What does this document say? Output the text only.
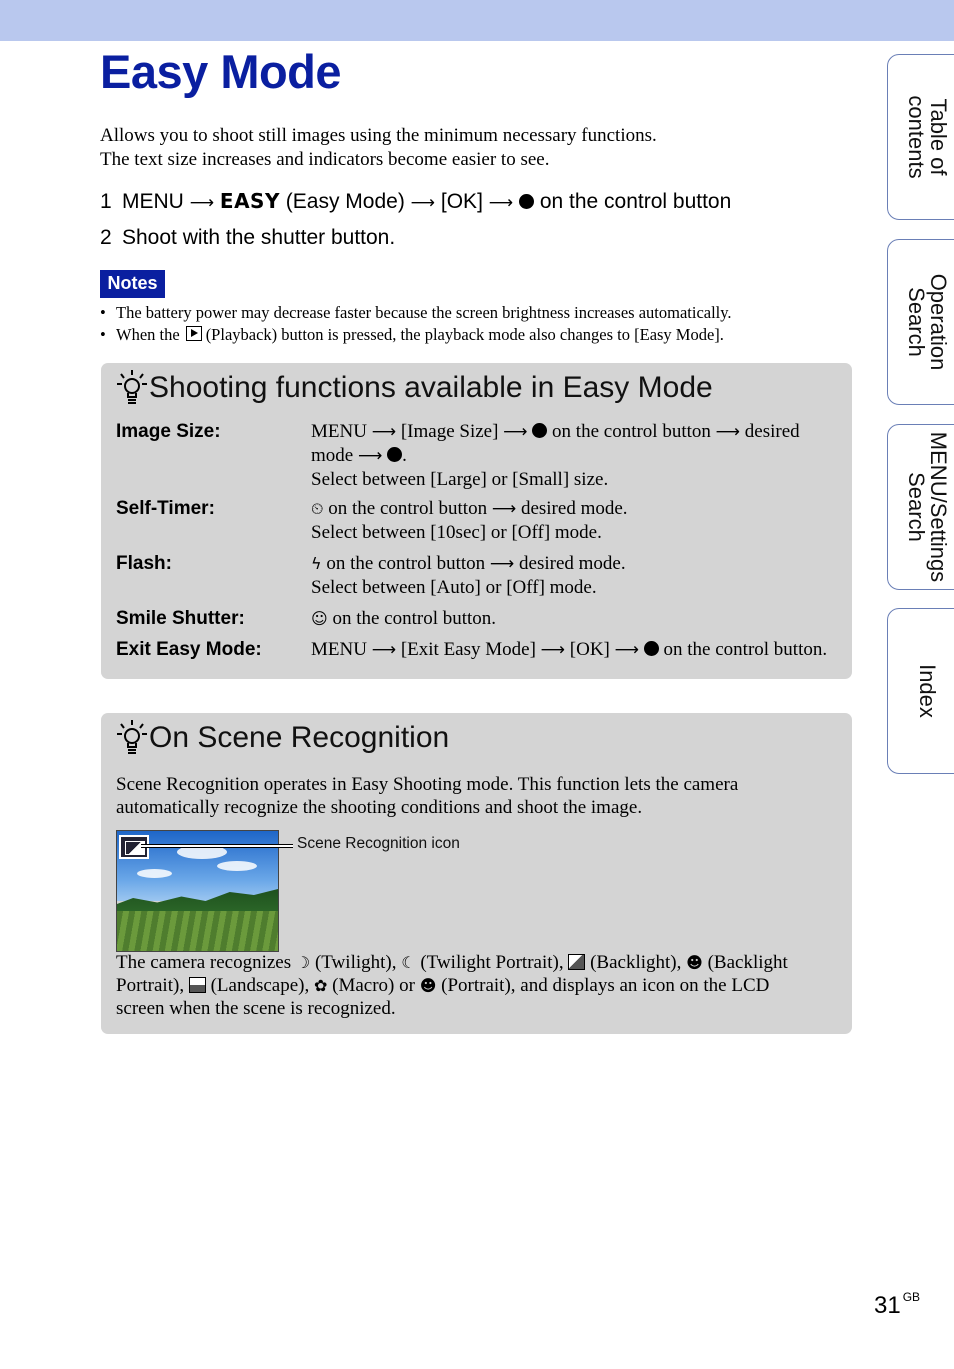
Easy Mode
Allows you to shoot still images using the minimum necessary functions.
The text size increases and indicators become easier to see.
1 MENU ⟶ EASY (Easy Mode) ⟶ [OK] ⟶ on the control button
2 Shoot with the shutter button.
Notes
• The battery power may decrease faster because the screen brightness increases automatically.
• When the (Playback) button is pressed, the playback mode also changes to [Easy Mode].
Shooting functions available in Easy Mode
Image Size:	MENU ⟶ [Image Size] ⟶ on the control button ⟶ desired
mode ⟶ .
Select between [Large] or [Small] size.
Self-Timer:	⏲ on the control button ⟶ desired mode.
Select between [10sec] or [Off] mode.
Flash:	ϟ on the control button ⟶ desired mode.
Select between [Auto] or [Off] mode.
Smile Shutter:	☺ on the control button.
Exit Easy Mode:	MENU ⟶ [Exit Easy Mode] ⟶ [OK] ⟶ on the control button.
On Scene Recognition
Scene Recognition operates in Easy Shooting mode. This function lets the camera
automatically recognize the shooting conditions and shoot the image.
Scene Recognition icon
The camera recognizes ☽ (Twilight), ☾ (Twilight Portrait), (Backlight), ☻ (Backlight
Portrait), (Landscape), ✿ (Macro) or ☻ (Portrait), and displays an icon on the LCD
screen when the scene is recognized.
Table of
contents
Operation
Search
MENU/Settings
Search
Index
31 $^{GB}$
